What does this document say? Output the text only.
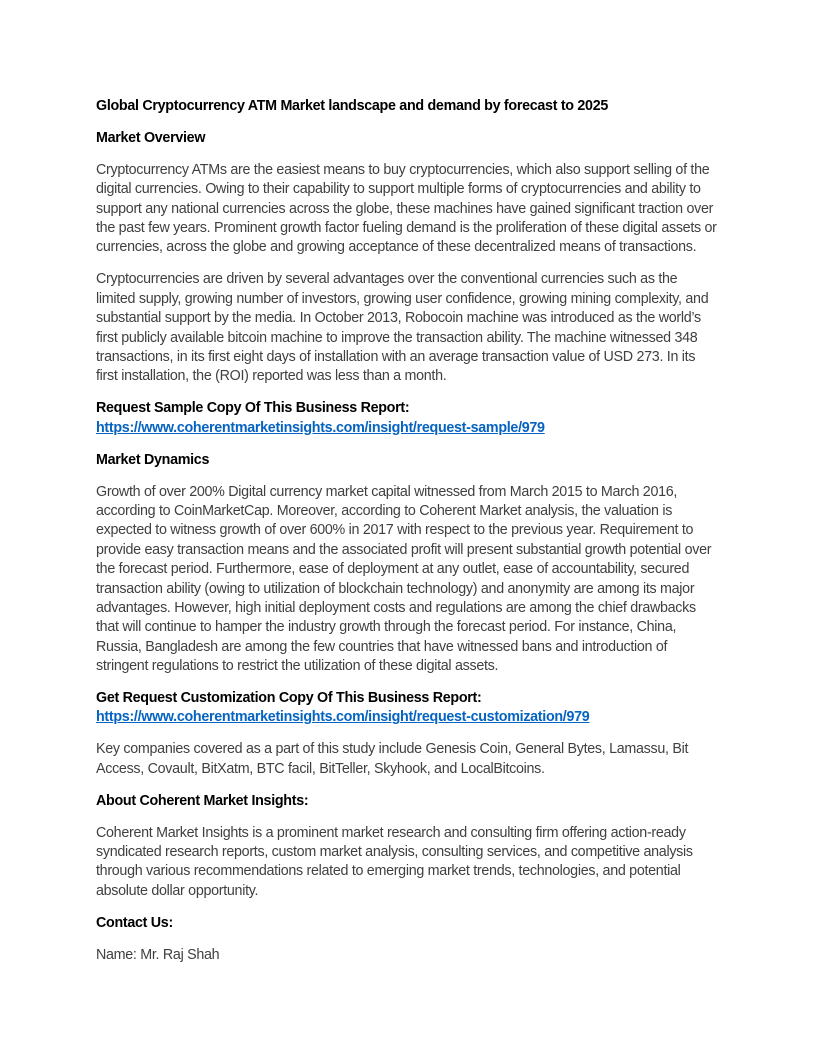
Global Cryptocurrency ATM Market landscape and demand by forecast to 2025

Market Overview

Cryptocurrency ATMs are the easiest means to buy cryptocurrencies, which also support selling of the digital currencies. Owing to their capability to support multiple forms of cryptocurrencies and ability to support any national currencies across the globe, these machines have gained significant traction over the past few years. Prominent growth factor fueling demand is the proliferation of these digital assets or currencies, across the globe and growing acceptance of these decentralized means of transactions.

Cryptocurrencies are driven by several advantages over the conventional currencies such as the limited supply, growing number of investors, growing user confidence, growing mining complexity, and substantial support by the media. In October 2013, Robocoin machine was introduced as the world’s first publicly available bitcoin machine to improve the transaction ability. The machine witnessed 348 transactions, in its first eight days of installation with an average transaction value of USD 273. In its first installation, the (ROI) reported was less than a month.

Request Sample Copy Of This Business Report:
https://www.coherentmarketinsights.com/insight/request-sample/979

Market Dynamics

Growth of over 200% Digital currency market capital witnessed from March 2015 to March 2016, according to CoinMarketCap. Moreover, according to Coherent Market analysis, the valuation is expected to witness growth of over 600% in 2017 with respect to the previous year. Requirement to provide easy transaction means and the associated profit will present substantial growth potential over the forecast period. Furthermore, ease of deployment at any outlet, ease of accountability, secured transaction ability (owing to utilization of blockchain technology) and anonymity are among its major advantages. However, high initial deployment costs and regulations are among the chief drawbacks that will continue to hamper the industry growth through the forecast period. For instance, China, Russia, Bangladesh are among the few countries that have witnessed bans and introduction of stringent regulations to restrict the utilization of these digital assets.

Get Request Customization Copy Of This Business Report:
https://www.coherentmarketinsights.com/insight/request-customization/979

Key companies covered as a part of this study include Genesis Coin, General Bytes, Lamassu, Bit Access, Covault, BitXatm, BTC facil, BitTeller, Skyhook, and LocalBitcoins.

About Coherent Market Insights:

Coherent Market Insights is a prominent market research and consulting firm offering action-ready syndicated research reports, custom market analysis, consulting services, and competitive analysis through various recommendations related to emerging market trends, technologies, and potential absolute dollar opportunity.

Contact Us:

Name: Mr. Raj Shah
